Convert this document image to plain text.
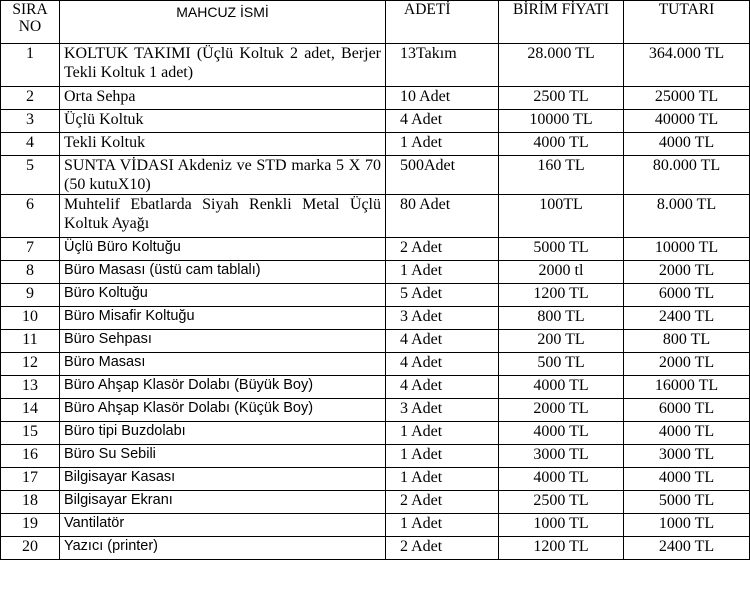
SIRA NO	MAHCUZ İSMİ	ADETİ	BİRİM FİYATI	TUTARI
1	KOLTUK TAKIMI (Üçlü Koltuk 2 adet, Berjer Tekli Koltuk 1 adet)	13Takım	28.000 TL	364.000 TL
2	Orta Sehpa	10 Adet	2500 TL	25000 TL
3	Üçlü Koltuk	4 Adet	10000 TL	40000 TL
4	Tekli Koltuk	1 Adet	4000 TL	4000 TL
5	SUNTA VİDASI Akdeniz ve STD marka 5 X 70 (50 kutuX10)	500Adet	160 TL	80.000 TL
6	Muhtelif Ebatlarda Siyah Renkli Metal Üçlü Koltuk Ayağı	80 Adet	100TL	8.000 TL
7	Üçlü Büro Koltuğu	2 Adet	5000 TL	10000 TL
8	Büro Masası (üstü cam tablalı)	1 Adet	2000 tl	2000 TL
9	Büro Koltuğu	5 Adet	1200 TL	6000 TL
10	Büro Misafir Koltuğu	3 Adet	800 TL	2400 TL
11	Büro Sehpası	4 Adet	200 TL	800 TL
12	Büro Masası	4 Adet	500 TL	2000 TL
13	Büro Ahşap Klasör Dolabı (Büyük Boy)	4 Adet	4000 TL	16000 TL
14	Büro Ahşap Klasör Dolabı (Küçük Boy)	3 Adet	2000 TL	6000 TL
15	Büro tipi Buzdolabı	1 Adet	4000 TL	4000 TL
16	Büro Su Sebili	1 Adet	3000 TL	3000 TL
17	Bilgisayar Kasası	1 Adet	4000 TL	4000 TL
18	Bilgisayar Ekranı	2 Adet	2500 TL	5000 TL
19	Vantilatör	1 Adet	1000 TL	1000 TL
20	Yazıcı (printer)	2 Adet	1200 TL	2400 TL
